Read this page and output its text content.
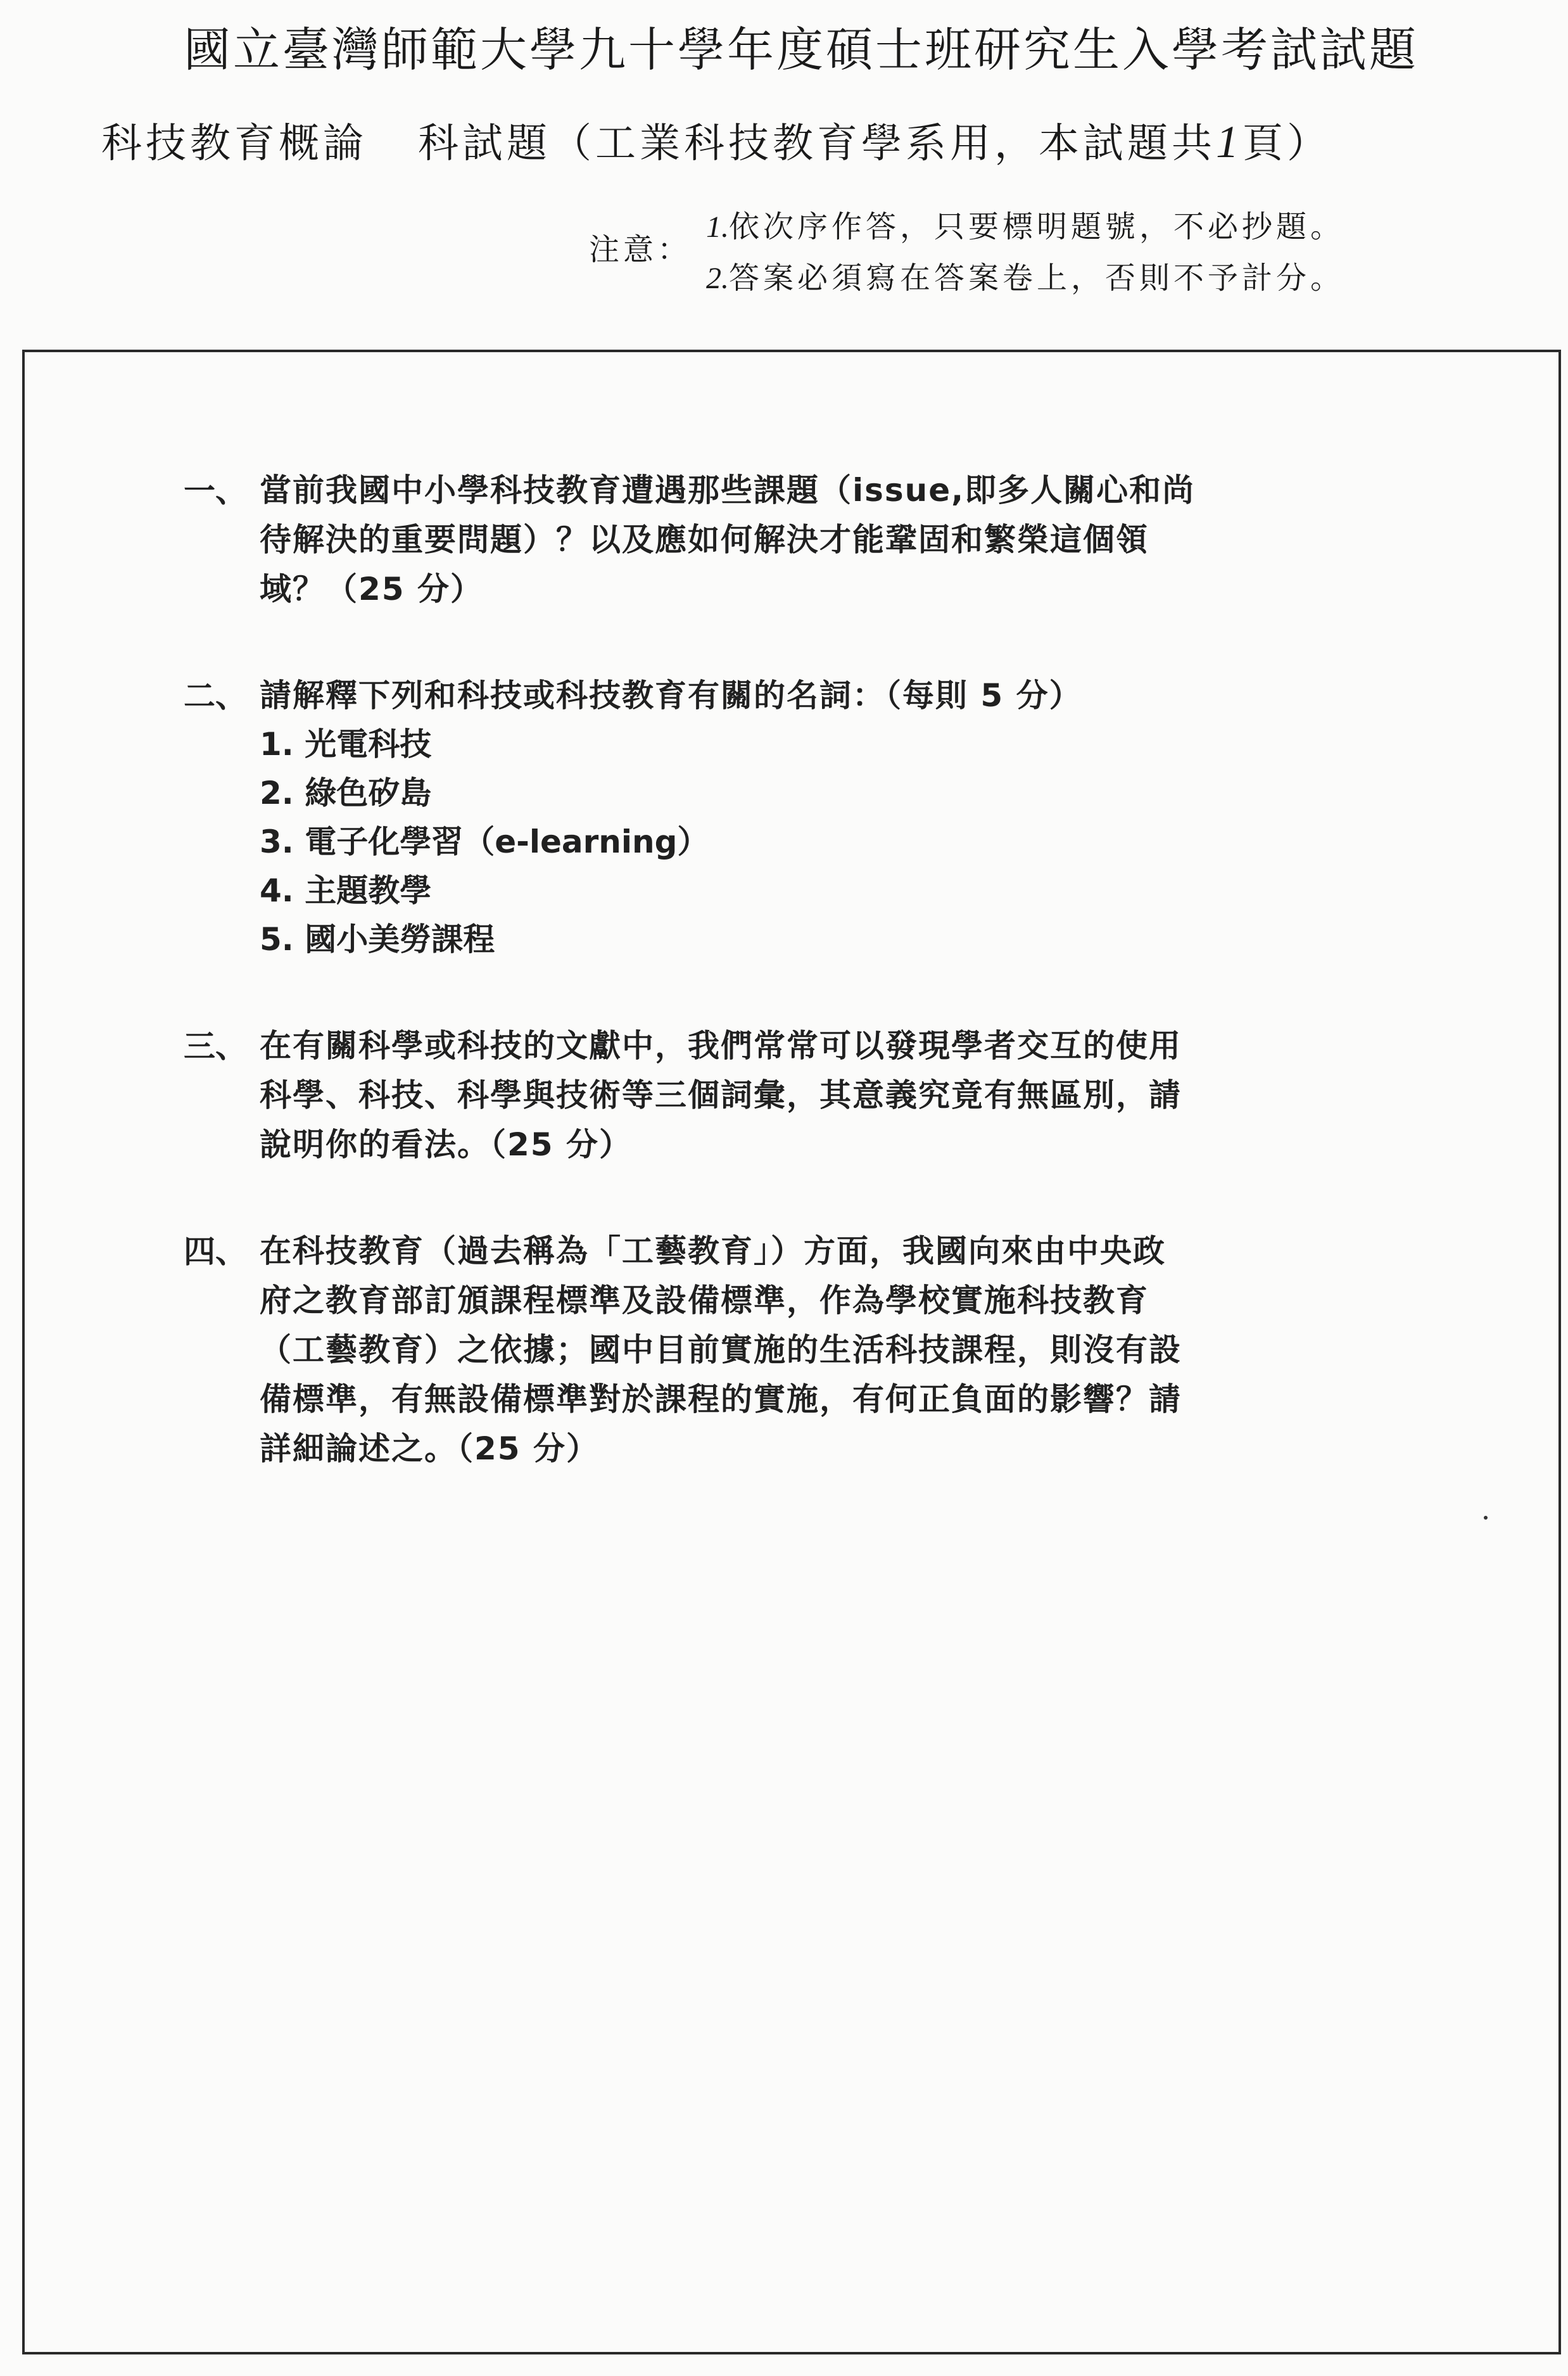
國立臺灣師範大學九十學年度碩士班研究生入學考試試題
科技教育概論 科試題（工業科技教育學系用，本試題共1頁）
注意：
1.依次序作答，只要標明題號，不必抄題。
2.答案必須寫在答案卷上，否則不予計分。
一、 當前我國中小學科技教育遭遇那些課題（issue,即多人關心和尚
待解決的重要問題）？以及應如何解決才能鞏固和繁榮這個領
域？（25 分）
二、 請解釋下列和科技或科技教育有關的名詞：（每則 5 分）
1. 光電科技
2. 綠色矽島
3. 電子化學習（e-learning）
4. 主題教學
5. 國小美勞課程
三、 在有關科學或科技的文獻中，我們常常可以發現學者交互的使用
科學、科技、科學與技術等三個詞彙，其意義究竟有無區別，請
說明你的看法。（25 分）
四、 在科技教育（過去稱為「工藝教育」）方面，我國向來由中央政
府之教育部訂頒課程標準及設備標準，作為學校實施科技教育
（工藝教育）之依據；國中目前實施的生活科技課程，則沒有設
備標準，有無設備標準對於課程的實施，有何正負面的影響？請
詳細論述之。（25 分）
